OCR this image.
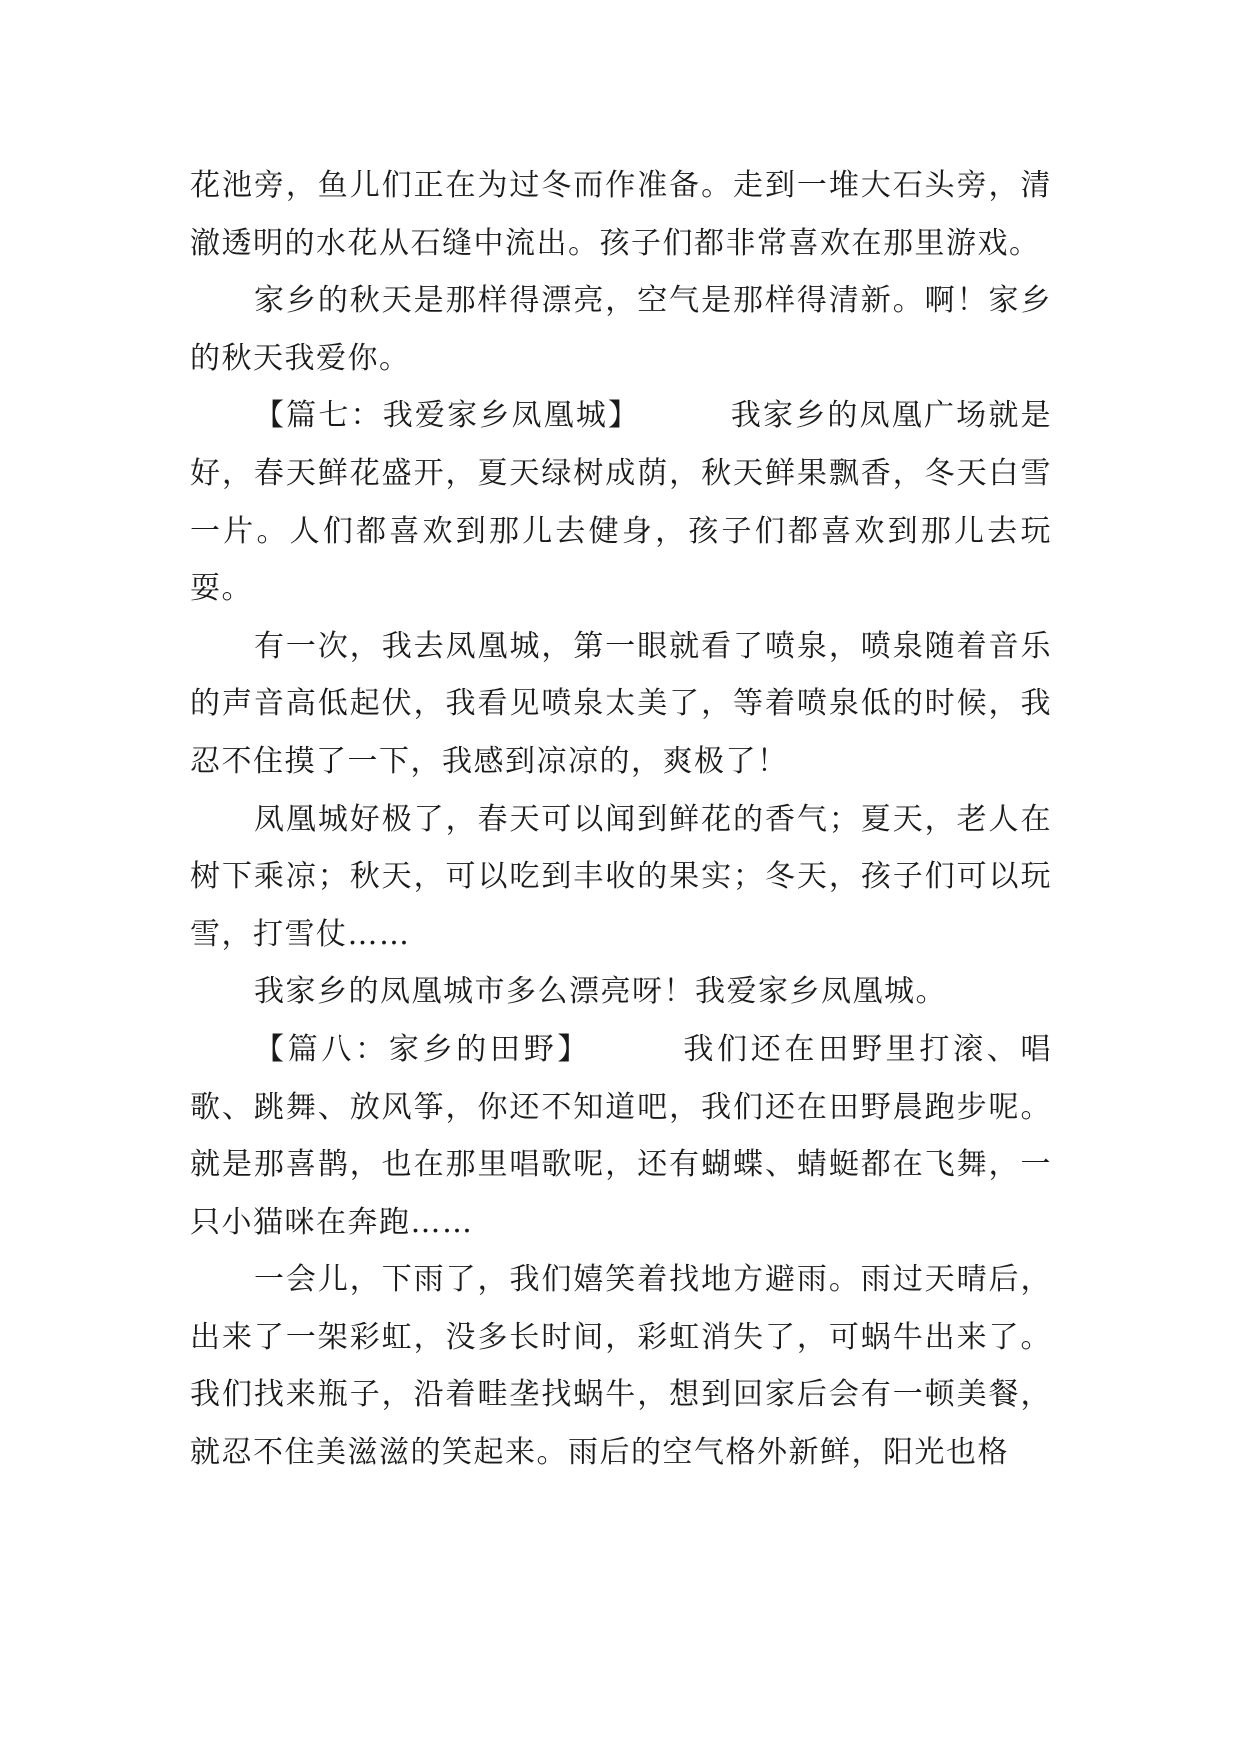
花池旁，鱼儿们正在为过冬而作准备。走到一堆大石头旁，清澈透明的水花从石缝中流出。孩子们都非常喜欢在那里游戏。

家乡的秋天是那样得漂亮，空气是那样得清新。啊！家乡的秋天我爱你。

【篇七：我爱家乡凤凰城】	我家乡的凤凰广场就是好，春天鲜花盛开，夏天绿树成荫，秋天鲜果飘香，冬天白雪一片。人们都喜欢到那儿去健身，孩子们都喜欢到那儿去玩耍。

有一次，我去凤凰城，第一眼就看了喷泉，喷泉随着音乐的声音高低起伏，我看见喷泉太美了，等着喷泉低的时候，我忍不住摸了一下，我感到凉凉的，爽极了！

凤凰城好极了，春天可以闻到鲜花的香气；夏天，老人在树下乘凉；秋天，可以吃到丰收的果实；冬天，孩子们可以玩雪，打雪仗……

我家乡的凤凰城市多么漂亮呀！我爱家乡凤凰城。

【篇八：家乡的田野】	我们还在田野里打滚、唱歌、跳舞、放风筝，你还不知道吧，我们还在田野晨跑步呢。就是那喜鹊，也在那里唱歌呢，还有蝴蝶、蜻蜓都在飞舞，一只小猫咪在奔跑……

一会儿，下雨了，我们嬉笑着找地方避雨。雨过天晴后，出来了一架彩虹，没多长时间，彩虹消失了，可蜗牛出来了。我们找来瓶子，沿着畦垄找蜗牛，想到回家后会有一顿美餐，就忍不住美滋滋的笑起来。雨后的空气格外新鲜，阳光也格
